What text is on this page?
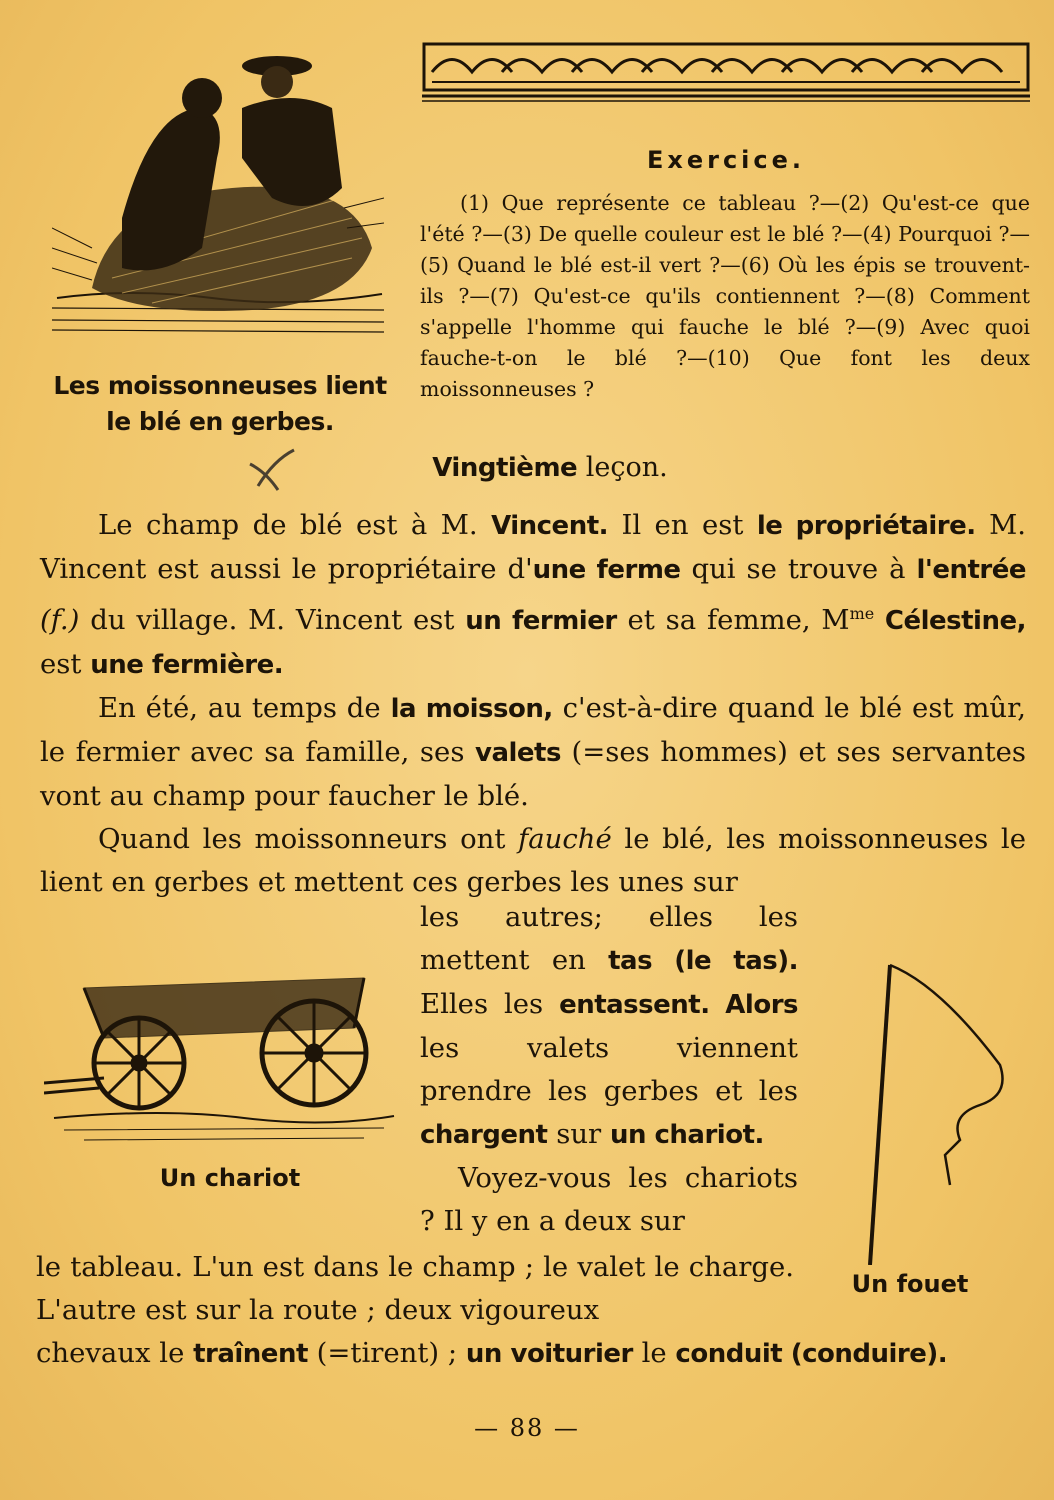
Les moissonneuses lient
le blé en gerbes.
Exercice.
(1) Que représente ce tableau ?—(2) Qu'est-ce que l'été ?—(3) De quelle couleur est le blé ?—(4) Pourquoi ?—(5) Quand le blé est-il vert ?—(6) Où les épis se trouvent-ils ?—(7) Qu'est-ce qu'ils contiennent ?—(8) Comment s'appelle l'homme qui fauche le blé ?—(9) Avec quoi fauche-t-on le blé ?—(10) Que font les deux moissonneuses ?
Vingtième leçon.

Le champ de blé est à M. Vincent. Il en est le propriétaire. M. Vincent est aussi le propriétaire d'une ferme qui se trouve à l'entrée (f.) du village. M. Vincent est un fermier et sa femme, $M^{me}$ Célestine, est une fermière.

En été, au temps de la moisson, c'est-à-dire quand le blé est mûr, le fermier avec sa famille, ses valets (=ses hommes) et ses servantes vont au champ pour faucher le blé.

Quand les moissonneurs ont fauché le blé, les moissonneuses le lient en gerbes et mettent ces gerbes les unes sur

les autres; elles les mettent en tas (le tas). Elles les entassent. Alors les valets viennent prendre les gerbes et les chargent sur un chariot.

Voyez-vous les chariots ? Il y en a deux sur

le tableau. L'un est dans le champ ; le valet le charge. L'autre est sur la route ; deux vigoureux
chevaux le traînent (=tirent) ; un voiturier le conduit (conduire).
Un chariot
Un fouet
— 88 —
